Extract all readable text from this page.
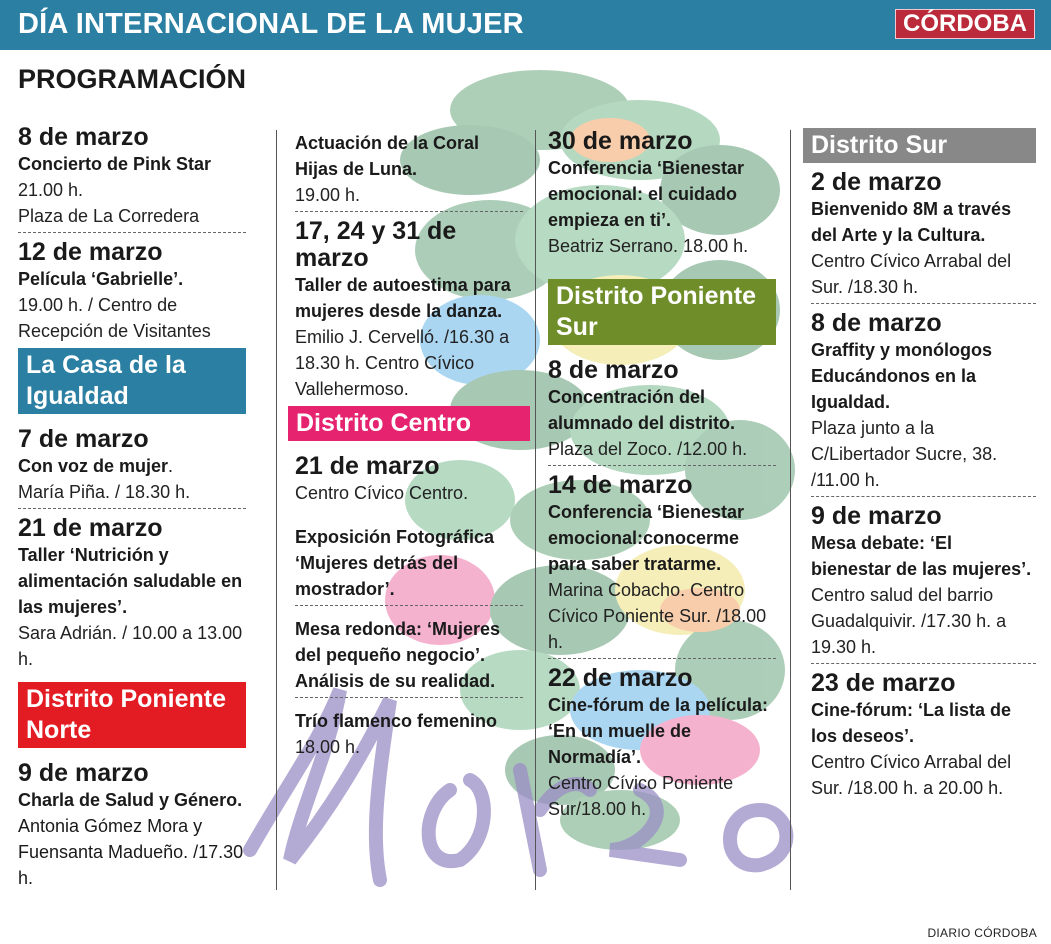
DÍA INTERNACIONAL DE LA MUJER	CÓRDOBA
PROGRAMACIÓN
8 de marzo
Concierto de Pink Star
21.00 h.
Plaza de La Corredera
12 de marzo
Película ‘Gabrielle’.
19.00 h. / Centro de Recepción de Visitantes
La Casa de la Igualdad
7 de marzo
Con voz de mujer.
María Piña. / 18.30 h.
21 de marzo
Taller ‘Nutrición y alimentación saludable en las mujeres’.
Sara Adrián. / 10.00 a 13.00 h.
Distrito Poniente Norte
9 de marzo
Charla de Salud y Género. Antonia Gómez Mora y Fuensanta Madueño. /17.30 h.
Actuación de la Coral Hijas de Luna.
19.00 h.
17, 24 y 31 de marzo
Taller de autoestima para mujeres desde la danza.
Emilio J. Cervelló. /16.30 a 18.30 h. Centro Cívico Vallehermoso.
Distrito Centro
21 de marzo
Centro Cívico Centro.
Exposición Fotográfica ‘Mujeres detrás del mostrador’.
Mesa redonda: ‘Mujeres del pequeño negocio’. Análisis de su realidad.
Trío flamenco femenino
18.00 h.
30 de marzo
Conferencia ‘Bienestar emocional: el cuidado empieza en ti’.
Beatriz Serrano. 18.00 h.
Distrito Poniente Sur
8 de marzo
Concentración del alumnado del distrito.
Plaza del Zoco. /12.00 h.
14 de marzo
Conferencia ‘Bienestar emocional:conocerme para saber tratarme.
Marina Cobacho. Centro Cívico Poniente Sur. /18.00 h.
22 de marzo
Cine-fórum de la película: ‘En un muelle de Normadía’.
Centro Cívico Poniente Sur/18.00 h.
Distrito Sur
2 de marzo
Bienvenido 8M a través del Arte y la Cultura.
Centro Cívico Arrabal del Sur. /18.30 h.
8 de marzo
Graffity y monólogos Educándonos en la Igualdad.
Plaza junto a la C/Libertador Sucre, 38. /11.00 h.
9 de marzo
Mesa debate: ‘El bienestar de las mujeres’.
Centro salud del barrio Guadalquivir. /17.30 h. a 19.30 h.
23 de marzo
Cine-fórum: ‘La lista de los deseos’.
Centro Cívico Arrabal del Sur. /18.00 h. a 20.00 h.
DIARIO CÓRDOBA
